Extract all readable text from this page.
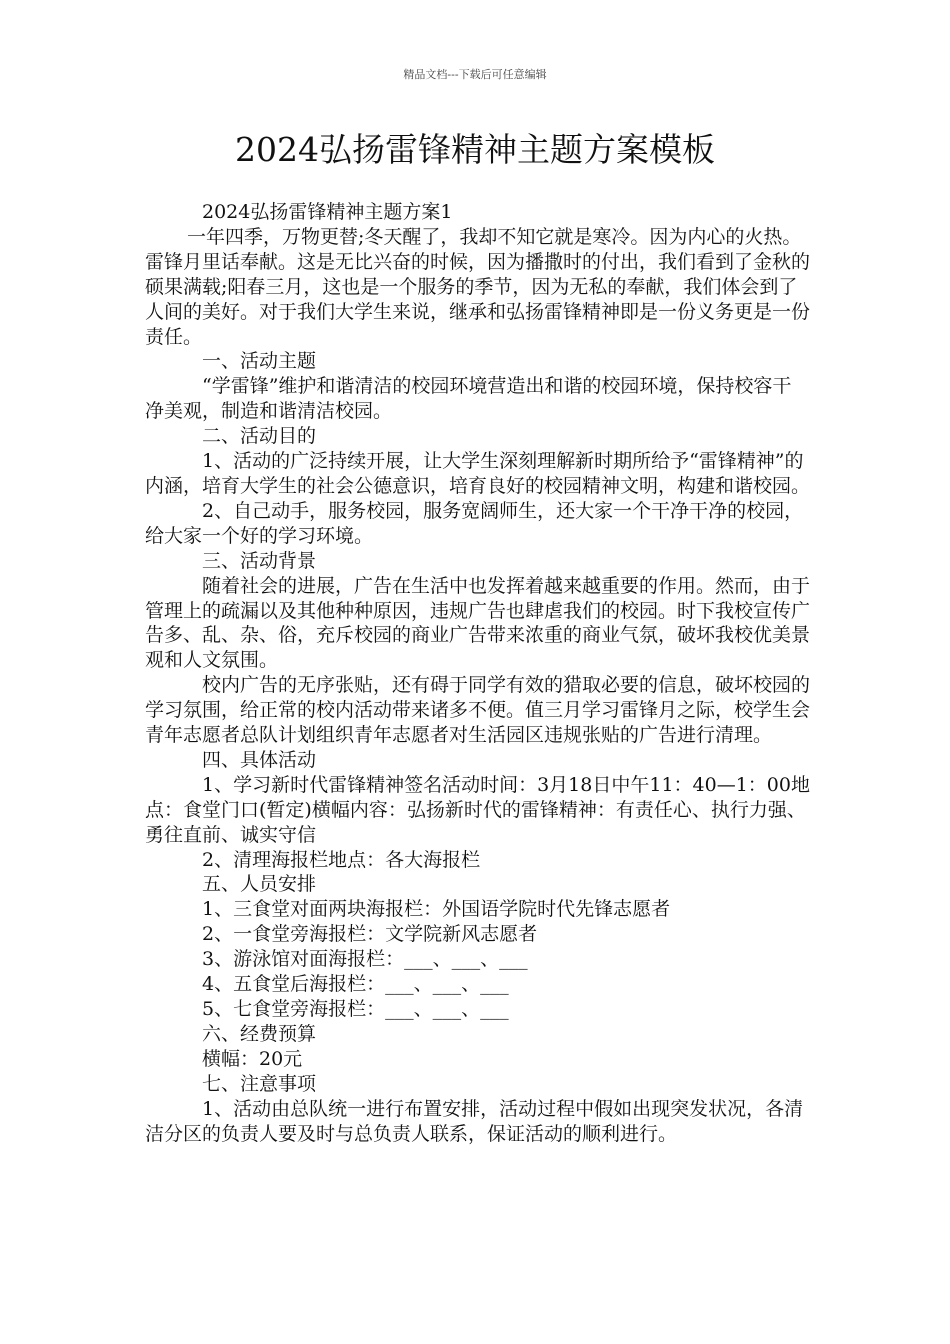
精品文档---下载后可任意编辑
2024弘扬雷锋精神主题方案模板

2024弘扬雷锋精神主题方案1

一年四季，万物更替;冬天醒了，我却不知它就是寒冷。因为内心的火热。雷锋月里话奉献。这是无比兴奋的时候，因为播撒时的付出，我们看到了金秋的硕果满载;阳春三月，这也是一个服务的季节，因为无私的奉献，我们体会到了人间的美好。对于我们大学生来说，继承和弘扬雷锋精神即是一份义务更是一份责任。

一、活动主题

“学雷锋”维护和谐清洁的校园环境营造出和谐的校园环境，保持校容干净美观，制造和谐清洁校园。

二、活动目的

1、活动的广泛持续开展，让大学生深刻理解新时期所给予“雷锋精神”的内涵，培育大学生的社会公德意识，培育良好的校园精神文明，构建和谐校园。

2、自己动手，服务校园，服务宽阔师生，还大家一个干净干净的校园，给大家一个好的学习环境。

三、活动背景

随着社会的进展，广告在生活中也发挥着越来越重要的作用。然而，由于管理上的疏漏以及其他种种原因，违规广告也肆虐我们的校园。时下我校宣传广告多、乱、杂、俗，充斥校园的商业广告带来浓重的商业气氛，破坏我校优美景观和人文氛围。

校内广告的无序张贴，还有碍于同学有效的猎取必要的信息，破坏校园的学习氛围，给正常的校内活动带来诸多不便。值三月学习雷锋月之际，校学生会青年志愿者总队计划组织青年志愿者对生活园区违规张贴的广告进行清理。

四、具体活动

1、学习新时代雷锋精神签名活动时间：3月18日中午11：40—1：00地点：食堂门口(暂定)横幅内容：弘扬新时代的雷锋精神：有责任心、执行力强、勇往直前、诚实守信

2、清理海报栏地点：各大海报栏

五、人员安排

1、三食堂对面两块海报栏：外国语学院时代先锋志愿者

2、一食堂旁海报栏：文学院新风志愿者

3、游泳馆对面海报栏：___、___、___

4、五食堂后海报栏：___、___、___

5、七食堂旁海报栏：___、___、___

六、经费预算

横幅：20元

七、注意事项

1、活动由总队统一进行布置安排，活动过程中假如出现突发状况，各清洁分区的负责人要及时与总负责人联系，保证活动的顺利进行。
